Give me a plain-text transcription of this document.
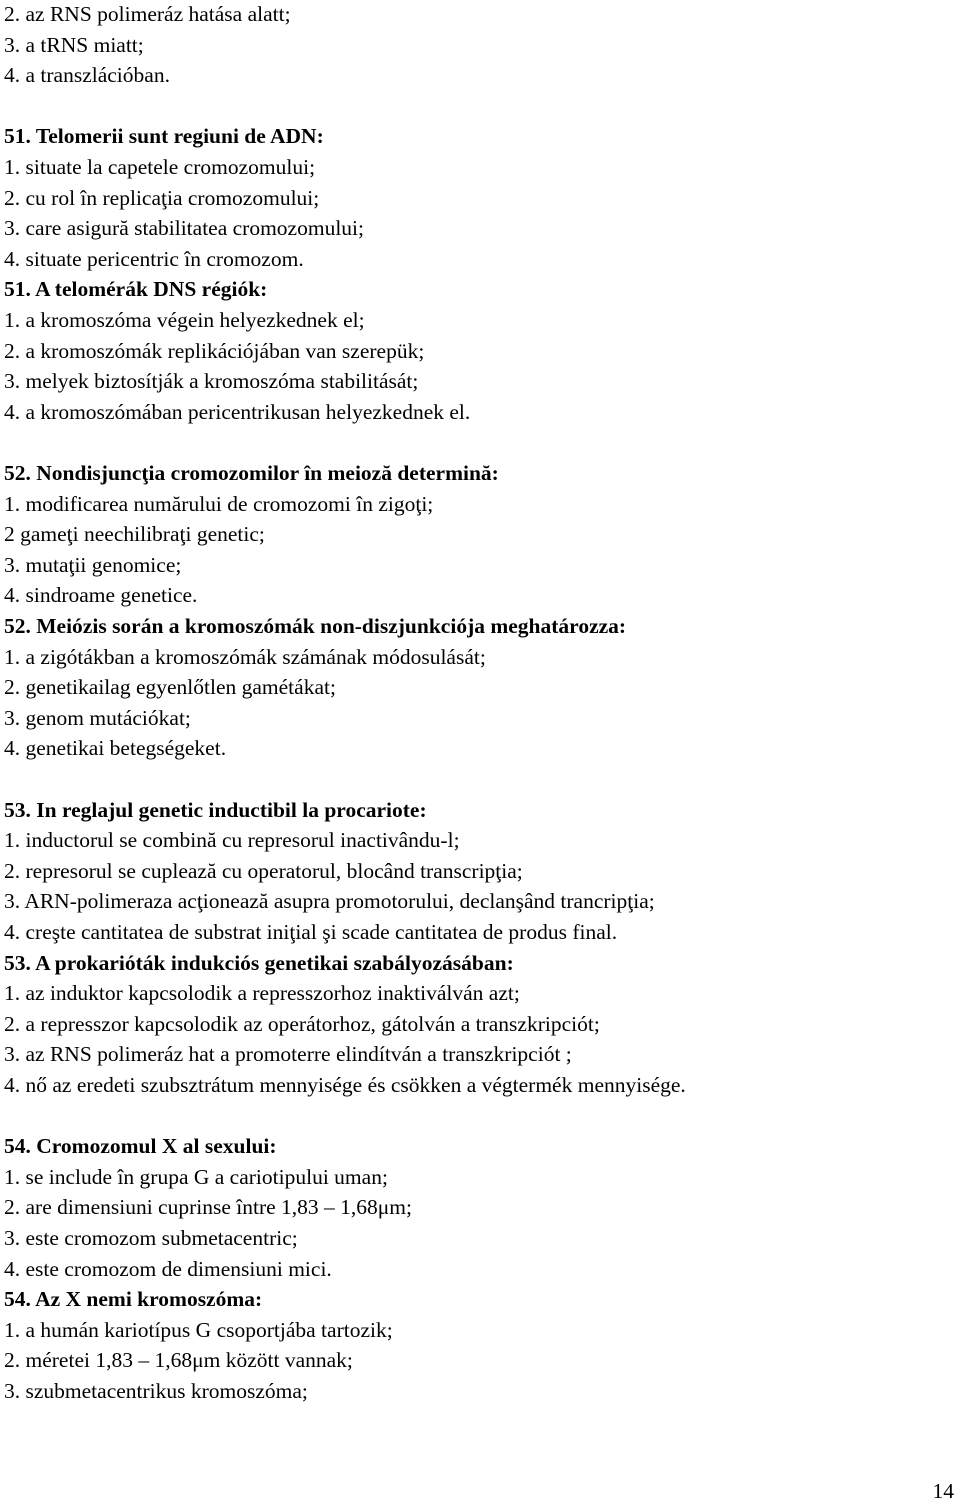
2. az RNS polimeráz hatása alatt;
3. a tRNS miatt;
4. a transzlációban.
51. Telomerii sunt regiuni de ADN:
1. situate la capetele cromozomului;
2. cu rol în replicaţia cromozomului;
3. care asigură stabilitatea cromozomului;
4. situate pericentric în cromozom.
51. A telomérák DNS régiók:
1. a kromoszóma végein helyezkednek el;
2. a kromoszómák replikációjában van szerepük;
3. melyek biztosítják a kromoszóma stabilitását;
4. a kromoszómában pericentrikusan helyezkednek el.
52. Nondisjuncţia cromozomilor în meioză determină:
1. modificarea numărului de cromozomi în zigoţi;
2 gameţi neechilibraţi genetic;
3. mutaţii genomice;
4. sindroame genetice.
52. Meiózis során a kromoszómák non-diszjunkciója meghatározza:
1. a zigótákban a kromoszómák számának módosulását;
2. genetikailag egyenlőtlen gamétákat;
3. genom mutációkat;
4. genetikai betegségeket.
53. In reglajul genetic inductibil la procariote:
1. inductorul se combină cu represorul inactivându-l;
2. represorul se cuplează cu operatorul, blocând transcripţia;
3. ARN-polimeraza acţionează asupra promotorului, declanşând trancripţia;
4. creşte cantitatea de substrat iniţial şi scade cantitatea de produs final.
53. A prokarióták indukciós genetikai szabályozásában:
1. az induktor kapcsolodik a represszorhoz inaktiválván azt;
2. a represszor kapcsolodik az operátorhoz, gátolván a transzkripciót;
3. az RNS polimeráz hat a promoterre elindítván a transzkripciót ;
4. nő az eredeti szubsztrátum mennyisége és csökken a végtermék mennyisége.
54. Cromozomul X al sexului:
1. se include în grupa G a cariotipului uman;
2. are dimensiuni cuprinse între 1,83 – 1,68μm;
3. este cromozom submetacentric;
4. este cromozom de dimensiuni mici.
54. Az X nemi kromoszóma:
1. a humán kariotípus G csoportjába tartozik;
2. méretei 1,83 – 1,68μm között vannak;
3. szubmetacentrikus kromoszóma;
14
